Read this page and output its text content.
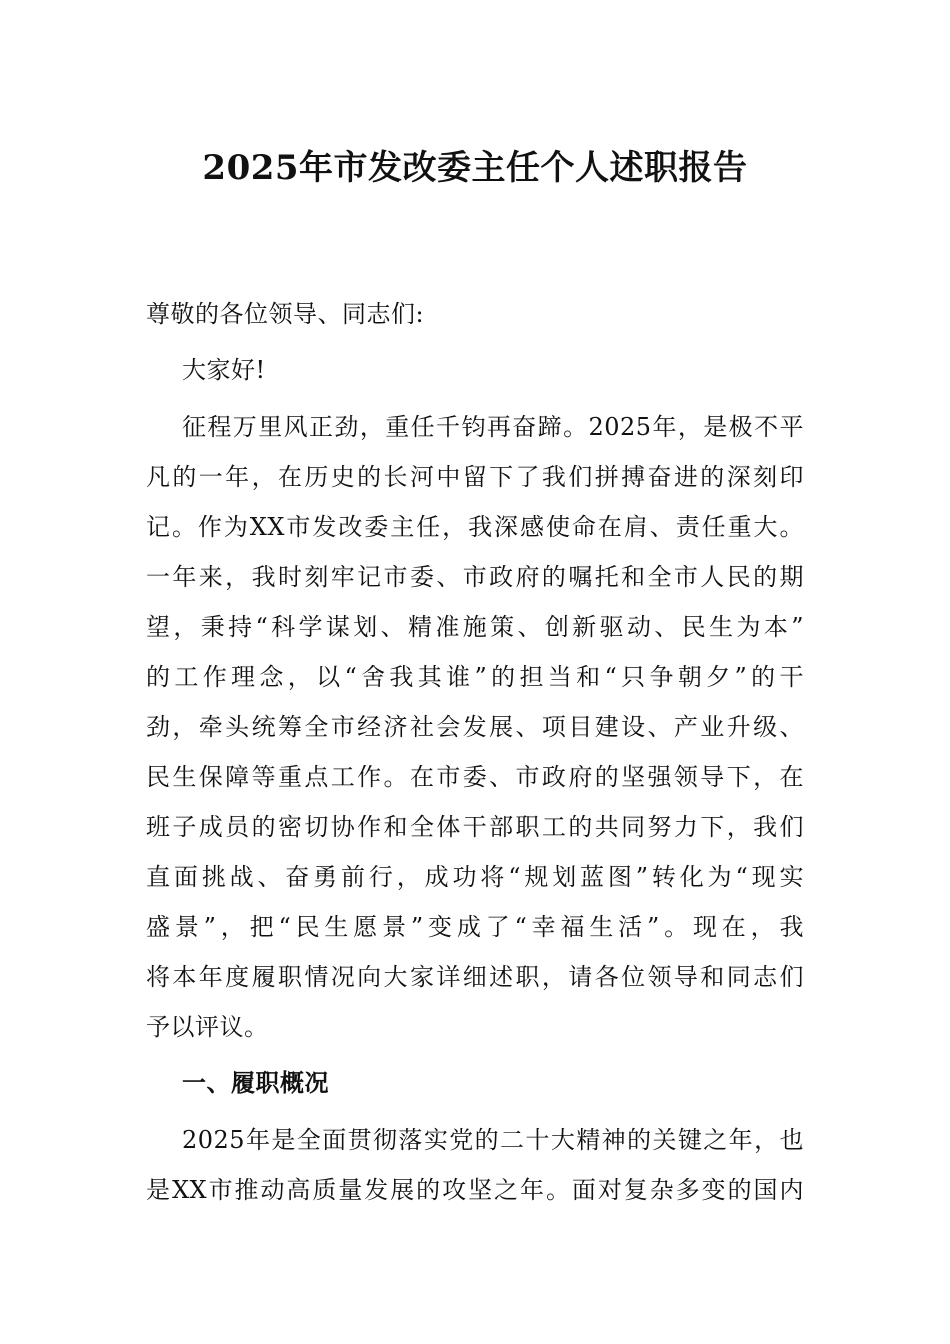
2025年市发改委主任个人述职报告
尊敬的各位领导、同志们:
大家好!
征程万里风正劲，重任千钧再奋蹄。2025年，是极不平
凡的一年，在历史的长河中留下了我们拼搏奋进的深刻印
记。作为XX市发改委主任，我深感使命在肩、责任重大。
一年来，我时刻牢记市委、市政府的嘱托和全市人民的期
望，秉持“科学谋划、精准施策、创新驱动、民生为本”
的工作理念，以“舍我其谁”的担当和“只争朝夕”的干
劲，牵头统筹全市经济社会发展、项目建设、产业升级、
民生保障等重点工作。在市委、市政府的坚强领导下，在
班子成员的密切协作和全体干部职工的共同努力下，我们
直面挑战、奋勇前行，成功将“规划蓝图”转化为“现实
盛景”，把“民生愿景”变成了“幸福生活”。现在，我
将本年度履职情况向大家详细述职，请各位领导和同志们
予以评议。
一、履职概况
2025年是全面贯彻落实党的二十大精神的关键之年，也
是XX市推动高质量发展的攻坚之年。面对复杂多变的国内
